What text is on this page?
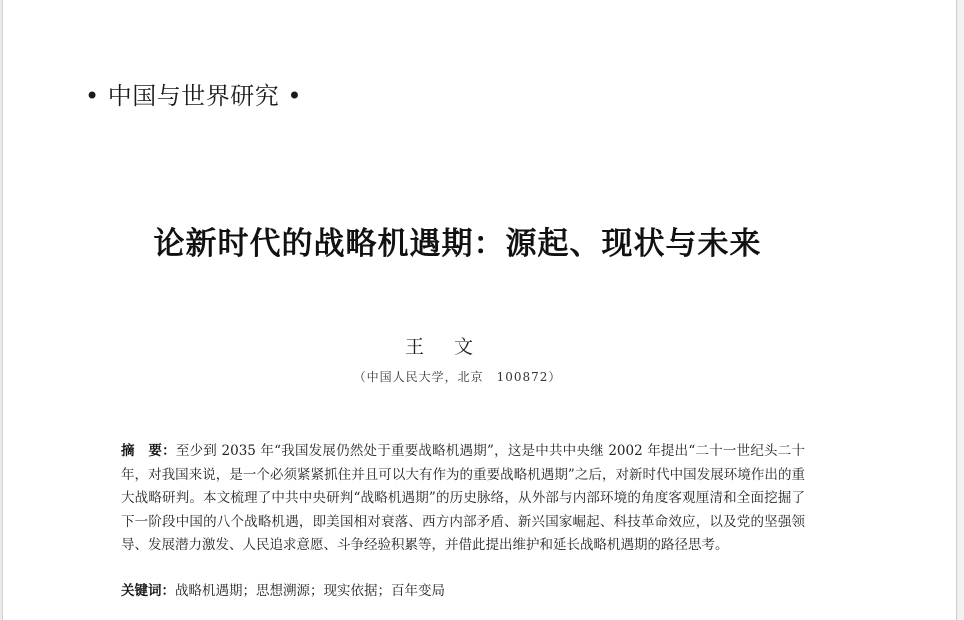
• 中国与世界研究 •
论新时代的战略机遇期：源起、现状与未来
王文
（中国人民大学，北京　100872）
摘　要：至少到 2035 年“我国发展仍然处于重要战略机遇期”，这是中共中央继 2002 年提出“二十一世纪头二十年，对我国来说，是一个必须紧紧抓住并且可以大有作为的重要战略机遇期”之后，对新时代中国发展环境作出的重大战略研判。本文梳理了中共中央研判“战略机遇期”的历史脉络，从外部与内部环境的角度客观厘清和全面挖掘了下一阶段中国的八个战略机遇，即美国相对衰落、西方内部矛盾、新兴国家崛起、科技革命效应，以及党的坚强领导、发展潜力激发、人民追求意愿、斗争经验积累等，并借此提出维护和延长战略机遇期的路径思考。
关键词：战略机遇期；思想溯源；现实依据；百年变局
